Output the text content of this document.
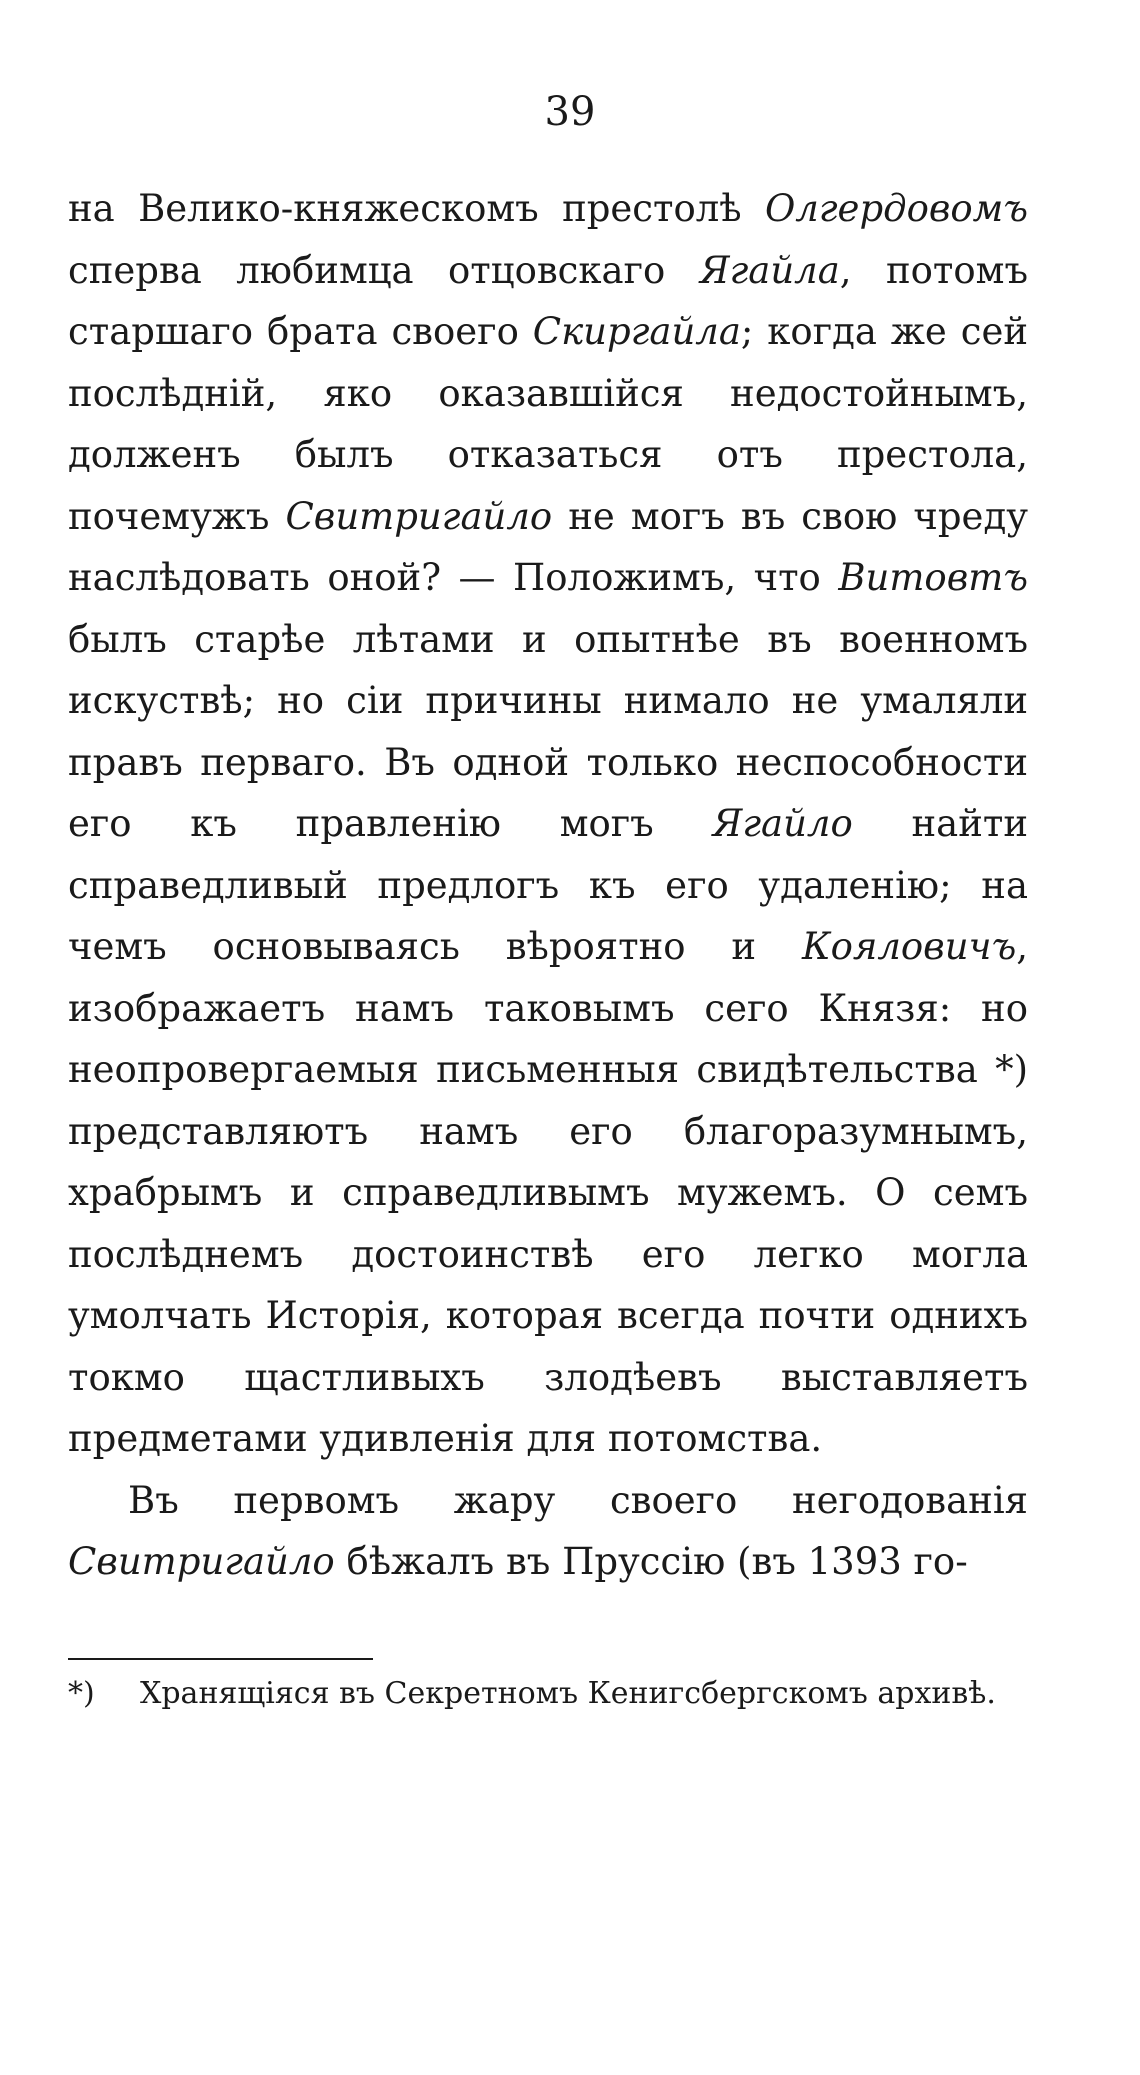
39

на Велико-княжескомъ престолѣ Олгердовомъ сперва любимца отцовскаго Ягайла, потомъ старшаго брата своего Скиргайла; когда же сей послѣдній, яко оказавшійся недостойнымъ, долженъ былъ отказаться отъ престола, почемужъ Свитригайло не могъ въ свою чреду наслѣдовать оной? — Положимъ, что Витовтъ былъ старѣе лѣтами и опытнѣе въ военномъ искуствѣ; но сіи причины нимало не умаляли правъ перваго. Въ одной только неспособности его къ правленію могъ Ягайло найти справедливый предлогъ къ его удаленію; на чемъ основываясь вѣроятно и Кояловичъ, изображаетъ намъ таковымъ сего Князя: но неопровергаемыя письменныя свидѣтельства *) представляютъ намъ его благоразумнымъ, храбрымъ и справедливымъ мужемъ. О семъ послѣднемъ достоинствѣ его легко могла умолчать Исторія, которая всегда почти однихъ токмо щастливыхъ злодѣевъ выставляетъ предметами удивленія для потомства.

Въ первомъ жару своего негодованія Свитригайло бѣжалъ въ Пруссію (въ 1393 го-

*)	Хранящіяся въ Секретномъ Кенигсбергскомъ архивѣ.
